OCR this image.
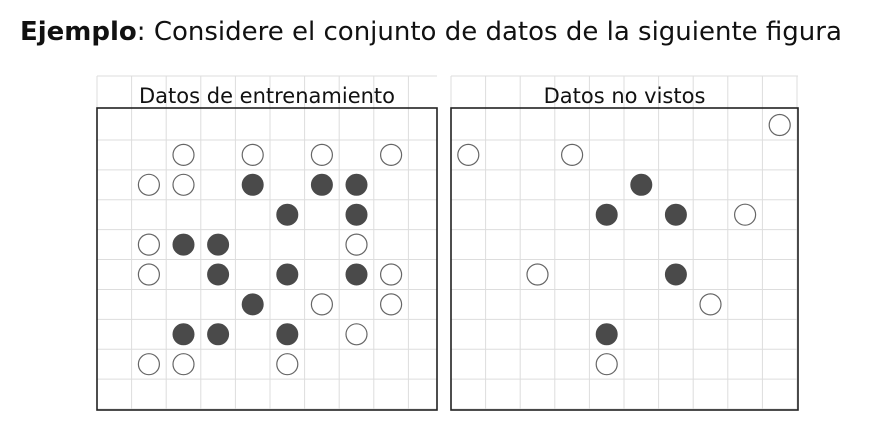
Ejemplo: Considere el conjunto de datos de la siguiente figura
Datos de entrenamiento	Datos no vistos
